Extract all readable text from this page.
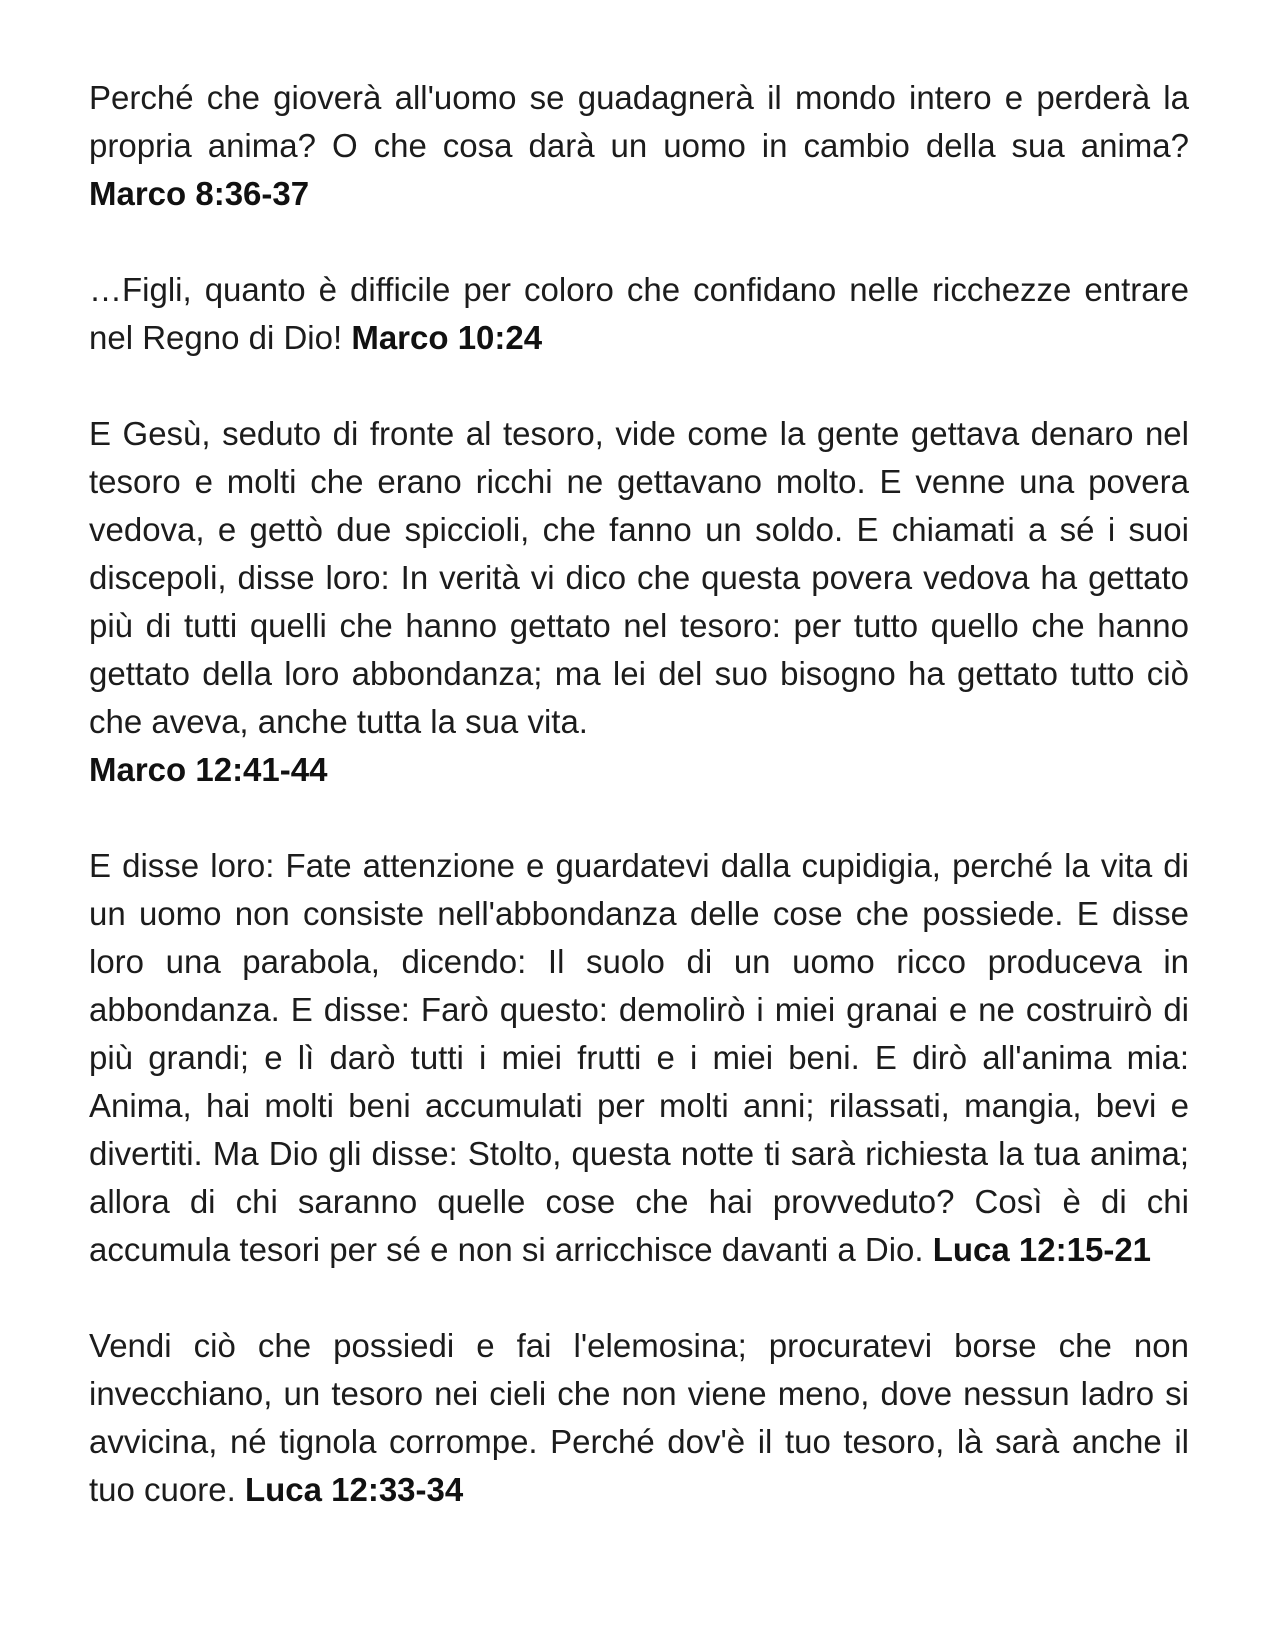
Perché che gioverà all'uomo se guadagnerà il mondo intero e perderà la propria anima? O che cosa darà un uomo in cambio della sua anima? Marco 8:36-37

…Figli, quanto è difficile per coloro che confidano nelle ricchezze entrare nel Regno di Dio! Marco 10:24

E Gesù, seduto di fronte al tesoro, vide come la gente gettava denaro nel tesoro e molti che erano ricchi ne gettavano molto. E venne una povera vedova, e gettò due spiccioli, che fanno un soldo. E chiamati a sé i suoi discepoli, disse loro: In verità vi dico che questa povera vedova ha gettato più di tutti quelli che hanno gettato nel tesoro: per tutto quello che hanno gettato della loro abbondanza; ma lei del suo bisogno ha gettato tutto ciò che aveva, anche tutta la sua vita.
Marco 12:41-44

E disse loro: Fate attenzione e guardatevi dalla cupidigia, perché la vita di un uomo non consiste nell'abbondanza delle cose che possiede. E disse loro una parabola, dicendo: Il suolo di un uomo ricco produceva in abbondanza. E disse: Farò questo: demolirò i miei granai e ne costruirò di più grandi; e lì darò tutti i miei frutti e i miei beni. E dirò all'anima mia: Anima, hai molti beni accumulati per molti anni; rilassati, mangia, bevi e divertiti. Ma Dio gli disse: Stolto, questa notte ti sarà richiesta la tua anima; allora di chi saranno quelle cose che hai provveduto? Così è di chi accumula tesori per sé e non si arricchisce davanti a Dio. Luca 12:15-21

Vendi ciò che possiedi e fai l'elemosina; procuratevi borse che non invecchiano, un tesoro nei cieli che non viene meno, dove nessun ladro si avvicina, né tignola corrompe. Perché dov'è il tuo tesoro, là sarà anche il tuo cuore. Luca 12:33-34
